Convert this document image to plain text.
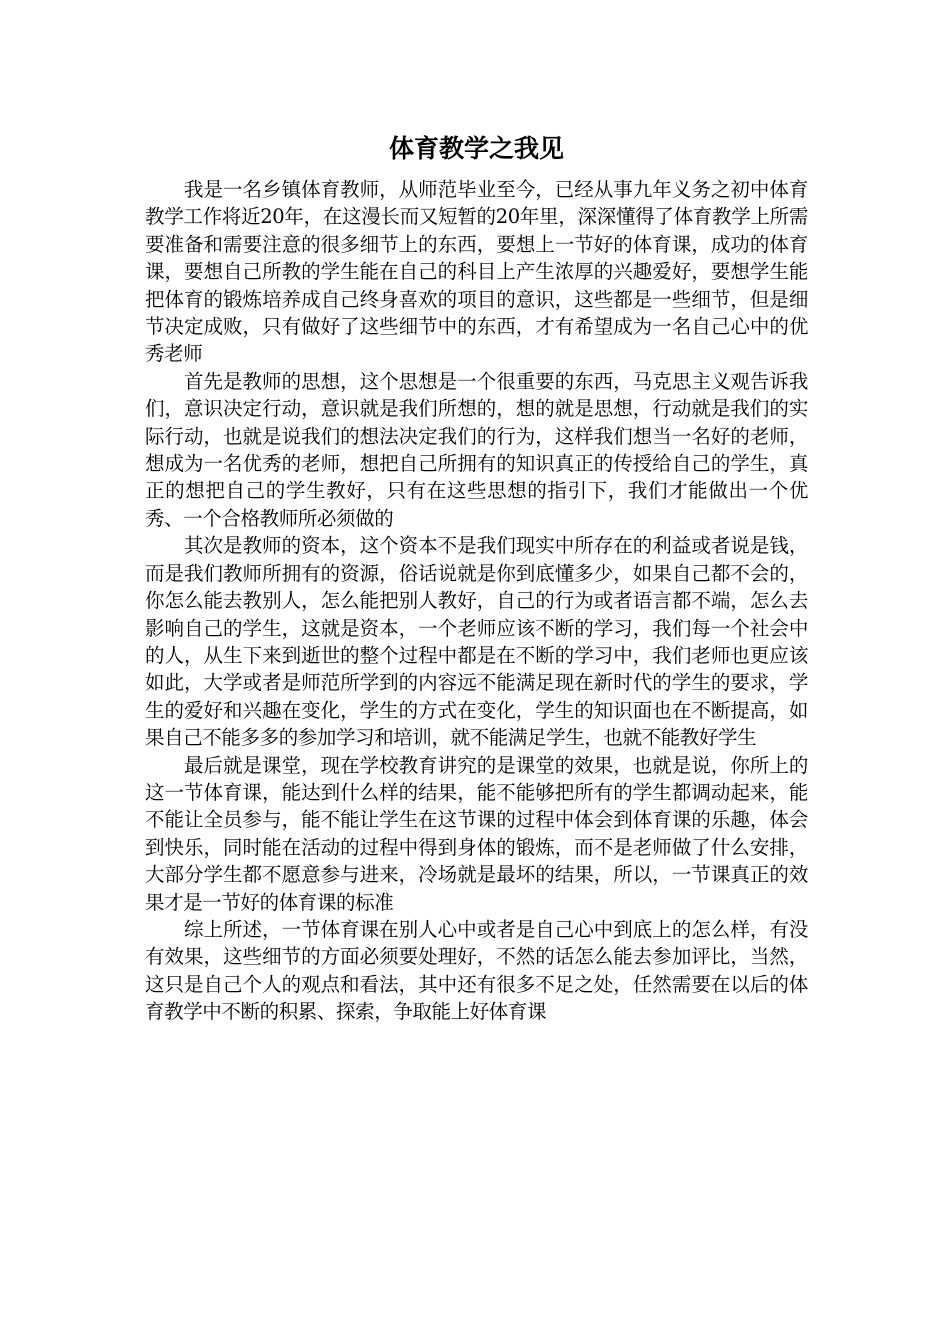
体育教学之我见

我是一名乡镇体育教师，从师范毕业至今，已经从事九年义务之初中体育教学工作将近20年，在这漫长而又短暂的20年里，深深懂得了体育教学上所需要准备和需要注意的很多细节上的东西，要想上一节好的体育课，成功的体育课，要想自己所教的学生能在自己的科目上产生浓厚的兴趣爱好，要想学生能把体育的锻炼培养成自己终身喜欢的项目的意识，这些都是一些细节，但是细节决定成败，只有做好了这些细节中的东西，才有希望成为一名自己心中的优秀老师

首先是教师的思想，这个思想是一个很重要的东西，马克思主义观告诉我们，意识决定行动，意识就是我们所想的，想的就是思想，行动就是我们的实际行动，也就是说我们的想法决定我们的行为，这样我们想当一名好的老师，想成为一名优秀的老师，想把自己所拥有的知识真正的传授给自己的学生，真正的想把自己的学生教好，只有在这些思想的指引下，我们才能做出一个优秀、一个合格教师所必须做的

其次是教师的资本，这个资本不是我们现实中所存在的利益或者说是钱，而是我们教师所拥有的资源，俗话说就是你到底懂多少，如果自己都不会的，你怎么能去教别人，怎么能把别人教好，自己的行为或者语言都不端，怎么去影响自己的学生，这就是资本，一个老师应该不断的学习，我们每一个社会中的人，从生下来到逝世的整个过程中都是在不断的学习中，我们老师也更应该如此，大学或者是师范所学到的内容远不能满足现在新时代的学生的要求，学生的爱好和兴趣在变化，学生的方式在变化，学生的知识面也在不断提高，如果自己不能多多的参加学习和培训，就不能满足学生，也就不能教好学生

最后就是课堂，现在学校教育讲究的是课堂的效果，也就是说，你所上的这一节体育课，能达到什么样的结果，能不能够把所有的学生都调动起来，能不能让全员参与，能不能让学生在这节课的过程中体会到体育课的乐趣，体会到快乐，同时能在活动的过程中得到身体的锻炼，而不是老师做了什么安排，大部分学生都不愿意参与进来，冷场就是最坏的结果，所以，一节课真正的效果才是一节好的体育课的标准

综上所述，一节体育课在别人心中或者是自己心中到底上的怎么样，有没有效果，这些细节的方面必须要处理好，不然的话怎么能去参加评比，当然，这只是自己个人的观点和看法，其中还有很多不足之处，任然需要在以后的体育教学中不断的积累、探索，争取能上好体育课
